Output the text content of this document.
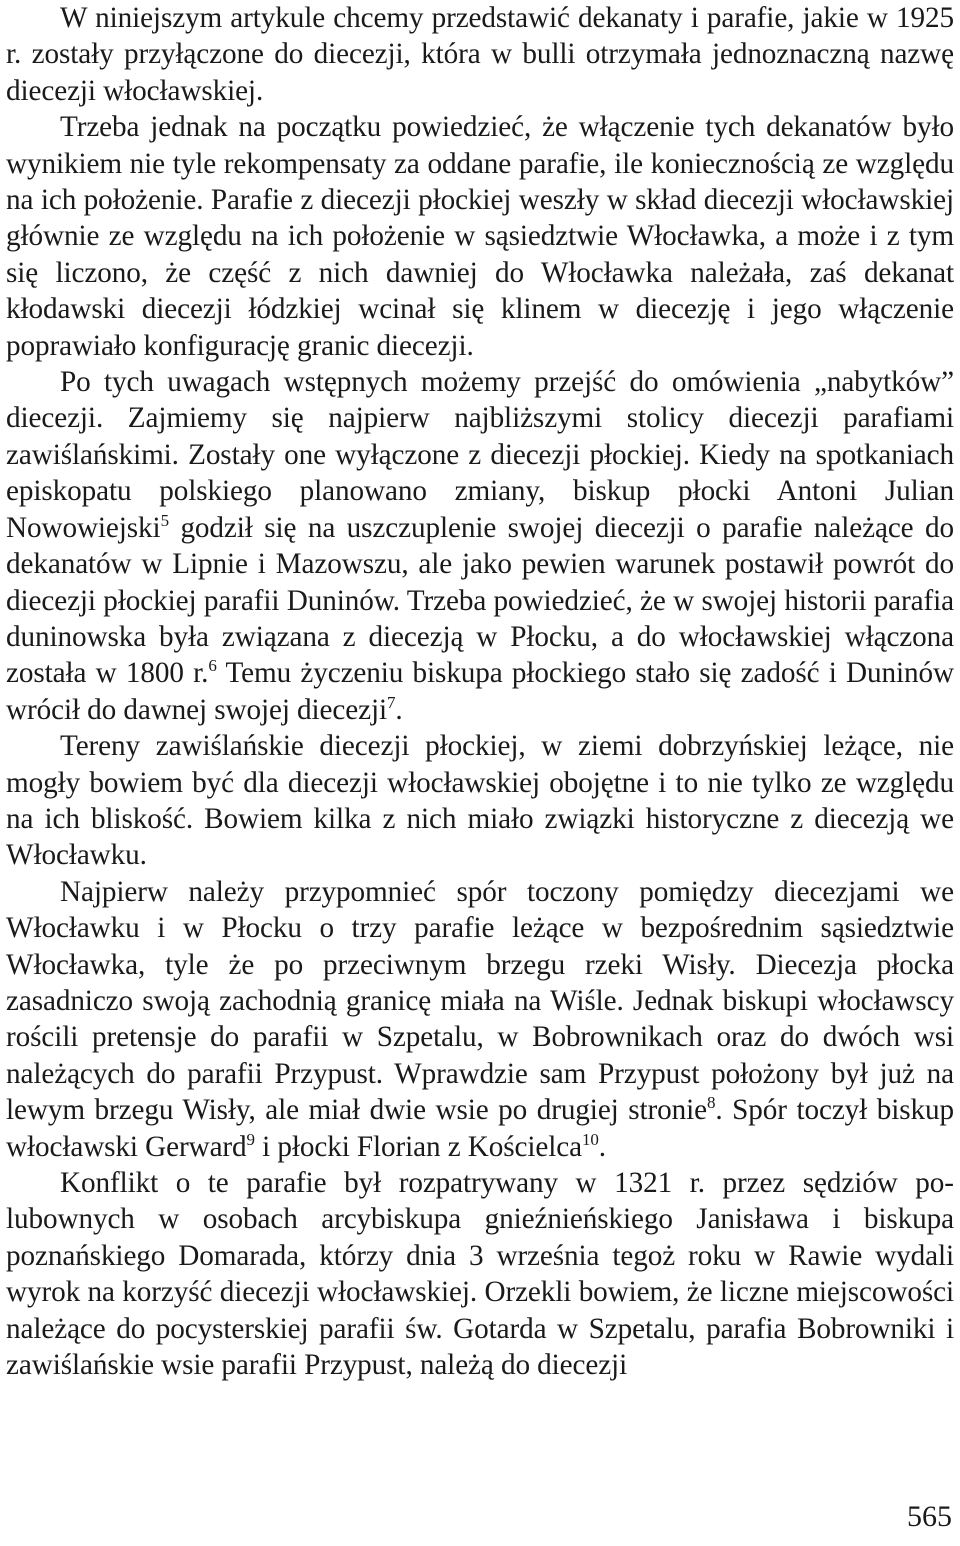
W niniejszym artykule chcemy przedstawić dekanaty i parafie, jakie w 1925 r. zostały przyłączone do diecezji, która w bulli otrzymała jednoznaczną nazwę diecezji włocławskiej.

Trzeba jednak na początku powiedzieć, że włączenie tych dekanatów było wynikiem nie tyle rekompensaty za oddane parafie, ile koniecznością ze względu na ich położenie. Parafie z diecezji płockiej weszły w skład diecezji włocławskiej głównie ze względu na ich położenie w sąsiedztwie Włocławka, a może i z tym się liczono, że część z nich dawniej do Włocławka należała, zaś dekanat kłodawski diecezji łódzkiej wcinał się klinem w diecezję i jego włączenie poprawiało konfigurację granic diecezji.

Po tych uwagach wstępnych możemy przejść do omówienia „nabytków” diecezji. Zajmiemy się najpierw najbliższymi stolicy diecezji parafiami zawiślańskimi. Zostały one wyłączone z diecezji płockiej. Kiedy na spotkaniach episkopatu polskiego planowano zmiany, biskup płocki Antoni Julian Nowowiejski$^5$ godził się na uszczuplenie swojej diecezji o parafie należące do dekanatów w Lipnie i Mazowszu, ale jako pewien warunek postawił powrót do diecezji płockiej parafii Duninów. Trzeba powiedzieć, że w swojej historii parafia duninowska była związana z diecezją w Płocku, a do włocławskiej włączona została w 1800 r.$^6$ Temu życzeniu biskupa płockiego stało się zadość i Duninów wrócił do dawnej swojej diecezji$^7$.

Tereny zawiślańskie diecezji płockiej, w ziemi dobrzyńskiej leżące, nie mogły bowiem być dla diecezji włocławskiej obojętne i to nie tylko ze względu na ich bliskość. Bowiem kilka z nich miało związki historyczne z diecezją we Włocławku.

Najpierw należy przypomnieć spór toczony pomiędzy diecezjami we Włocławku i w Płocku o trzy parafie leżące w bezpośrednim sąsiedztwie Włocławka, tyle że po przeciwnym brzegu rzeki Wisły. Diecezja płocka zasadniczo swoją zachodnią granicę miała na Wiśle. Jednak biskupi włocławscy rościli pretensje do parafii w Szpetalu, w Bobrownikach oraz do dwóch wsi należących do parafii Przypust. Wprawdzie sam Przypust położony był już na lewym brzegu Wisły, ale miał dwie wsie po drugiej stronie$^8$. Spór toczył biskup włocławski Gerward$^9$ i płocki Florian z Kościelca$^{10}$.

Konflikt o te parafie był rozpatrywany w 1321 r. przez sędziów polubownych w osobach arcybiskupa gnieźnieńskiego Janisława i biskupa poznańskiego Domarada, którzy dnia 3 września tegoż roku w Rawie wydali wyrok na korzyść diecezji włocławskiej. Orzekli bowiem, że liczne miejscowości należące do pocysterskiej parafii św. Gotarda w Szpetalu, parafia Bobrowniki i zawiślańskie wsie parafii Przypust, należą do diecezji

565
